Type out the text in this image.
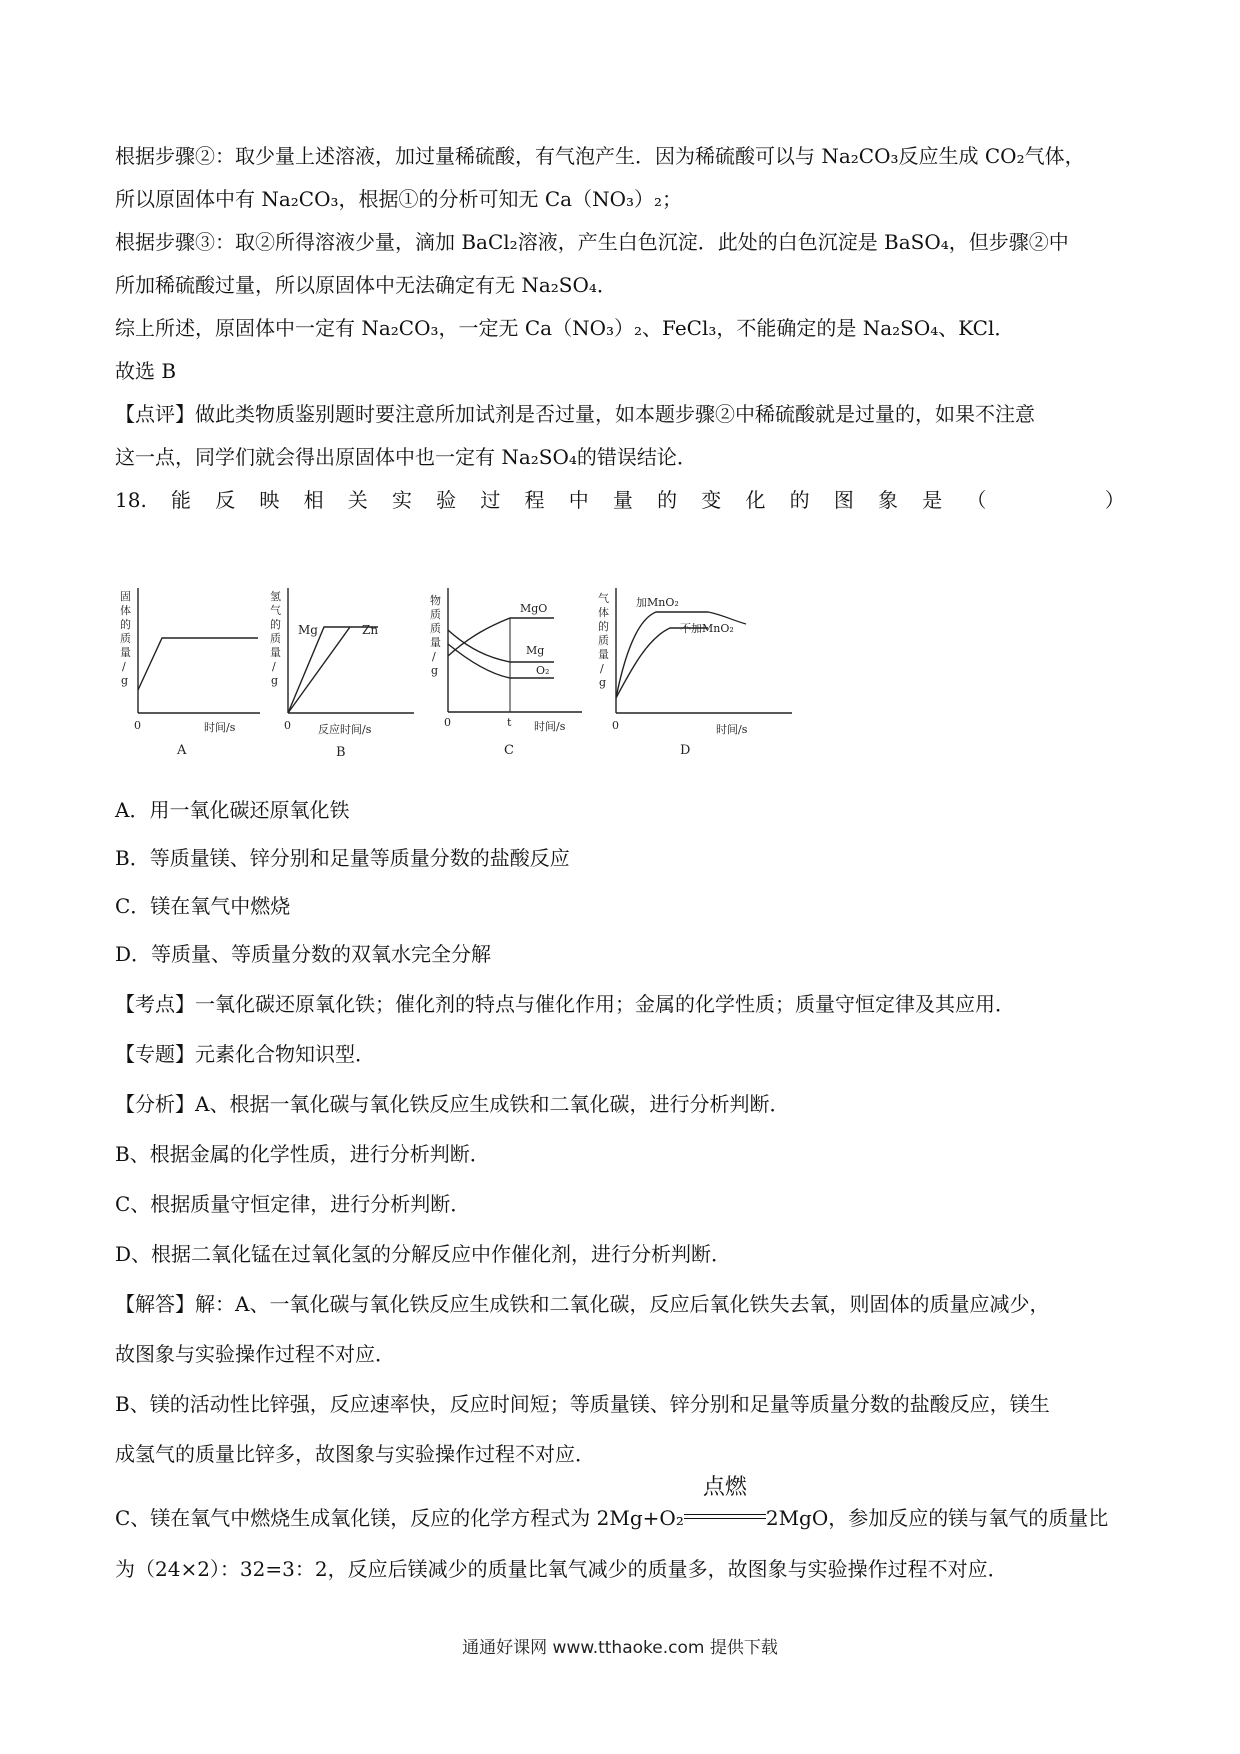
根据步骤②：取少量上述溶液，加过量稀硫酸，有气泡产生．因为稀硫酸可以与 Na₂CO₃反应生成 CO₂气体，
所以原固体中有 Na₂CO₃，根据①的分析可知无 Ca（NO₃）₂；
根据步骤③：取②所得溶液少量，滴加 BaCl₂溶液，产生白色沉淀．此处的白色沉淀是 BaSO₄，但步骤②中
所加稀硫酸过量，所以原固体中无法确定有无 Na₂SO₄．
综上所述，原固体中一定有 Na₂CO₃，一定无 Ca（NO₃）₂、FeCl₃，不能确定的是 Na₂SO₄、KCl．
故选 B
【点评】做此类物质鉴别题时要注意所加试剂是否过量，如本题步骤②中稀硫酸就是过量的，如果不注意
这一点，同学们就会得出原固体中也一定有 Na₂SO₄的错误结论．
18. 能 反 映 相 关 实 验 过 程 中 量 的 变 化 的 图 象 是 （	）
固
体
的
质
量
/
g
0	时间/s
A
氢
气
的
质
量
/
g
Mg	Zn
0 反应时间/s
B
物
质
质
量
/
g
MgO
Mg
O₂
t
0	时间/s
C
气
体
的
质
量
/
g
加MnO₂
不加MnO₂
0	时间/s
D
A．用一氧化碳还原氧化铁
B．等质量镁、锌分别和足量等质量分数的盐酸反应
C．镁在氧气中燃烧
D．等质量、等质量分数的双氧水完全分解
【考点】一氧化碳还原氧化铁；催化剂的特点与催化作用；金属的化学性质；质量守恒定律及其应用．
【专题】元素化合物知识型．
【分析】A、根据一氧化碳与氧化铁反应生成铁和二氧化碳，进行分析判断．
B、根据金属的化学性质，进行分析判断．
C、根据质量守恒定律，进行分析判断．
D、根据二氧化锰在过氧化氢的分解反应中作催化剂，进行分析判断．
【解答】解：A、一氧化碳与氧化铁反应生成铁和二氧化碳，反应后氧化铁失去氧，则固体的质量应减少，
故图象与实验操作过程不对应．
B、镁的活动性比锌强，反应速率快，反应时间短；等质量镁、锌分别和足量等质量分数的盐酸反应，镁生
成氢气的质量比锌多，故图象与实验操作过程不对应．
C、镁在氧气中燃烧生成氧化镁，反应的化学方程式为 2Mg+O₂
点燃
2MgO，参加反应的镁与氧气的质量比
为（24×2）：32=3：2，反应后镁减少的质量比氧气减少的质量多，故图象与实验操作过程不对应．
通通好课网 www.tthaoke.com 提供下载
